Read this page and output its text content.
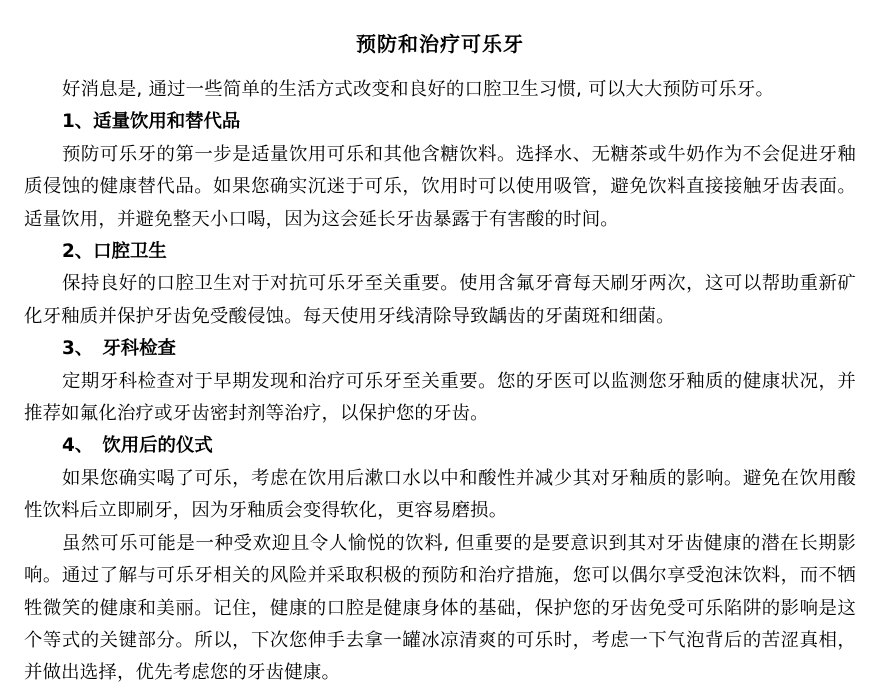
预防和治疗可乐牙

好消息是, 通过一些简单的生活方式改变和良好的口腔卫生习惯, 可以大大预防可乐牙。

1、适量饮用和替代品

预防可乐牙的第一步是适量饮用可乐和其他含糖饮料。选择水、无糖茶或牛奶作为不会促进牙釉质侵蚀的健康替代品。如果您确实沉迷于可乐，饮用时可以使用吸管，避免饮料直接接触牙齿表面。适量饮用，并避免整天小口喝，因为这会延长牙齿暴露于有害酸的时间。

2、口腔卫生

保持良好的口腔卫生对于对抗可乐牙至关重要。使用含氟牙膏每天刷牙两次，这可以帮助重新矿化牙釉质并保护牙齿免受酸侵蚀。每天使用牙线清除导致龋齿的牙菌斑和细菌。

3、　牙科检查

定期牙科检查对于早期发现和治疗可乐牙至关重要。您的牙医可以监测您牙釉质的健康状况，并推荐如氟化治疗或牙齿密封剂等治疗，以保护您的牙齿。

4、　饮用后的仪式

如果您确实喝了可乐，考虑在饮用后漱口水以中和酸性并减少其对牙釉质的影响。避免在饮用酸性饮料后立即刷牙，因为牙釉质会变得软化，更容易磨损。

虽然可乐可能是一种受欢迎且令人愉悦的饮料, 但重要的是要意识到其对牙齿健康的潜在长期影响。通过了解与可乐牙相关的风险并采取积极的预防和治疗措施，您可以偶尔享受泡沫饮料，而不牺牲微笑的健康和美丽。记住，健康的口腔是健康身体的基础，保护您的牙齿免受可乐陷阱的影响是这个等式的关键部分。所以，下次您伸手去拿一罐冰凉清爽的可乐时，考虑一下气泡背后的苦涩真相，并做出选择，优先考虑您的牙齿健康。
